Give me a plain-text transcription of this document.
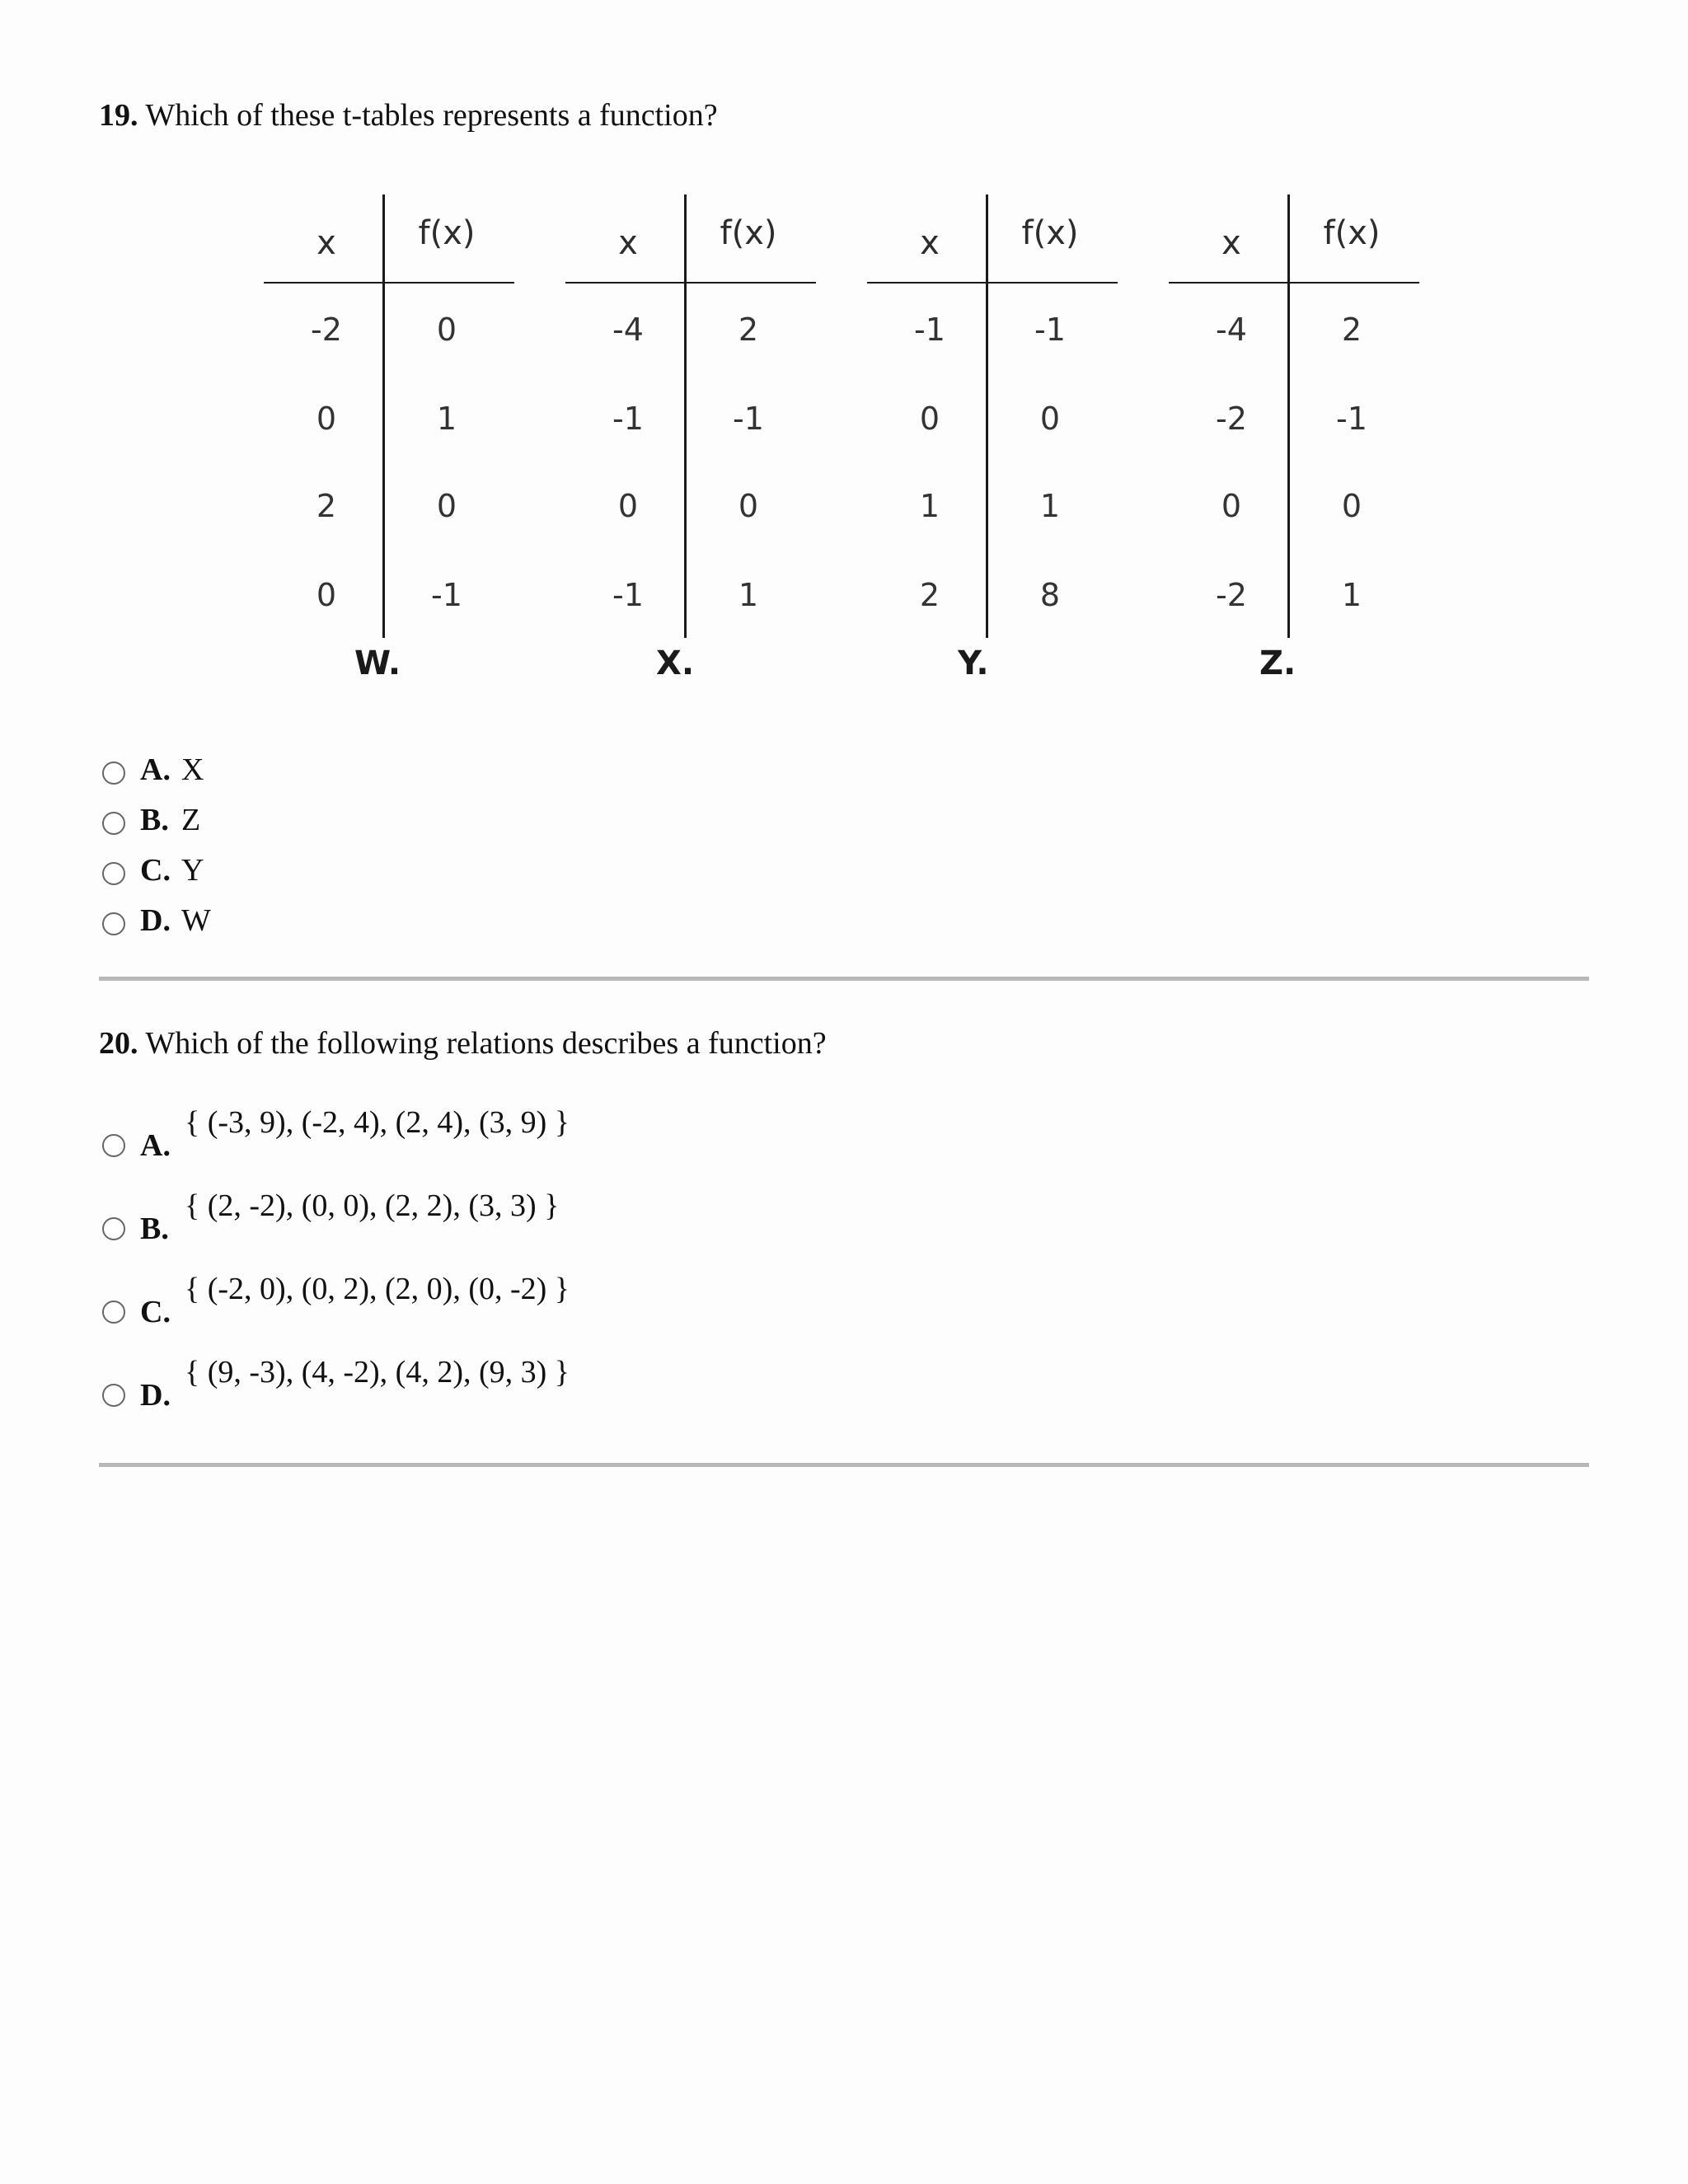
19. Which of these t-tables represents a function?
x	f(x)
-2	0
0	1
2	0
0	-1
W.
x	f(x)
-4	2
-1	-1
0	0
-1	1
X.
x	f(x)
-1	-1
0	0
1	1
2	8
Y.
x	f(x)
-4	2
-2	-1
0	0
-2	1
Z.
A. X
B. Z
C. Y
D. W
20. Which of the following relations describes a function?
A.
{ (-3, 9), (-2, 4), (2, 4), (3, 9) }
B.
{ (2, -2), (0, 0), (2, 2), (3, 3) }
C.
{ (-2, 0), (0, 2), (2, 0), (0, -2) }
D.
{ (9, -3), (4, -2), (4, 2), (9, 3) }
